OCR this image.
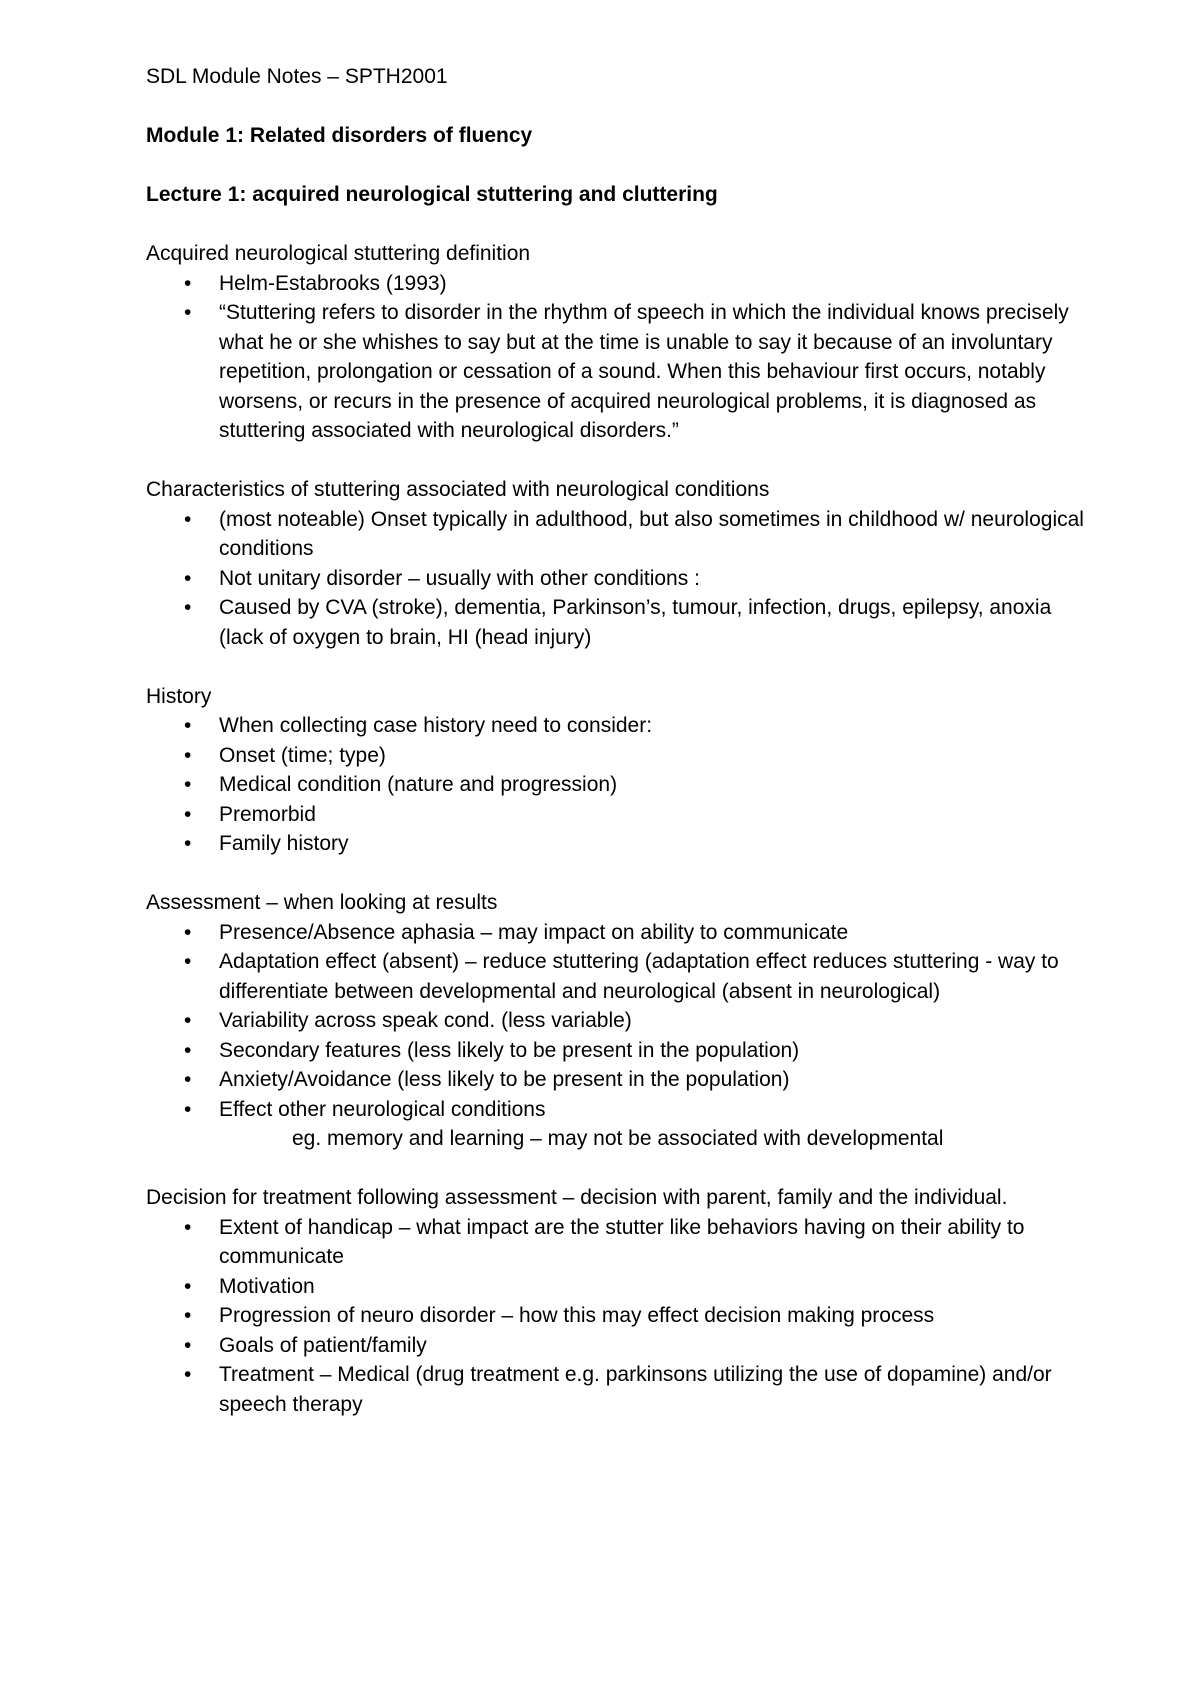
SDL Module Notes – SPTH2001

Module 1: Related disorders of fluency

Lecture 1: acquired neurological stuttering and cluttering

Acquired neurological stuttering definition

• Helm-Estabrooks (1993)
• “Stuttering refers to disorder in the rhythm of speech in which the individual knows precisely what he or she whishes to say but at the time is unable to say it because of an involuntary repetition, prolongation or cessation of a sound. When this behaviour first occurs, notably worsens, or recurs in the presence of acquired neurological problems, it is diagnosed as stuttering associated with neurological disorders.”

Characteristics of stuttering associated with neurological conditions

• (most noteable) Onset typically in adulthood, but also sometimes in childhood w/ neurological conditions
• Not unitary disorder – usually with other conditions :
• Caused by CVA (stroke), dementia, Parkinson’s, tumour, infection, drugs, epilepsy, anoxia (lack of oxygen to brain, HI (head injury)

History

• When collecting case history need to consider:
• Onset (time; type)
• Medical condition (nature and progression)
• Premorbid
• Family history

Assessment – when looking at results

• Presence/Absence aphasia – may impact on ability to communicate
• Adaptation effect (absent) – reduce stuttering (adaptation effect reduces stuttering - way to differentiate between developmental and neurological (absent in neurological)
• Variability across speak cond. (less variable)
• Secondary features (less likely to be present in the population)
• Anxiety/Avoidance (less likely to be present in the population)
• Effect other neurological conditions

eg. memory and learning – may not be associated with developmental

Decision for treatment following assessment – decision with parent, family and the individual.

• Extent of handicap – what impact are the stutter like behaviors having on their ability to communicate
• Motivation
• Progression of neuro disorder – how this may effect decision making process
• Goals of patient/family
• Treatment – Medical (drug treatment e.g. parkinsons utilizing the use of dopamine) and/or speech therapy
